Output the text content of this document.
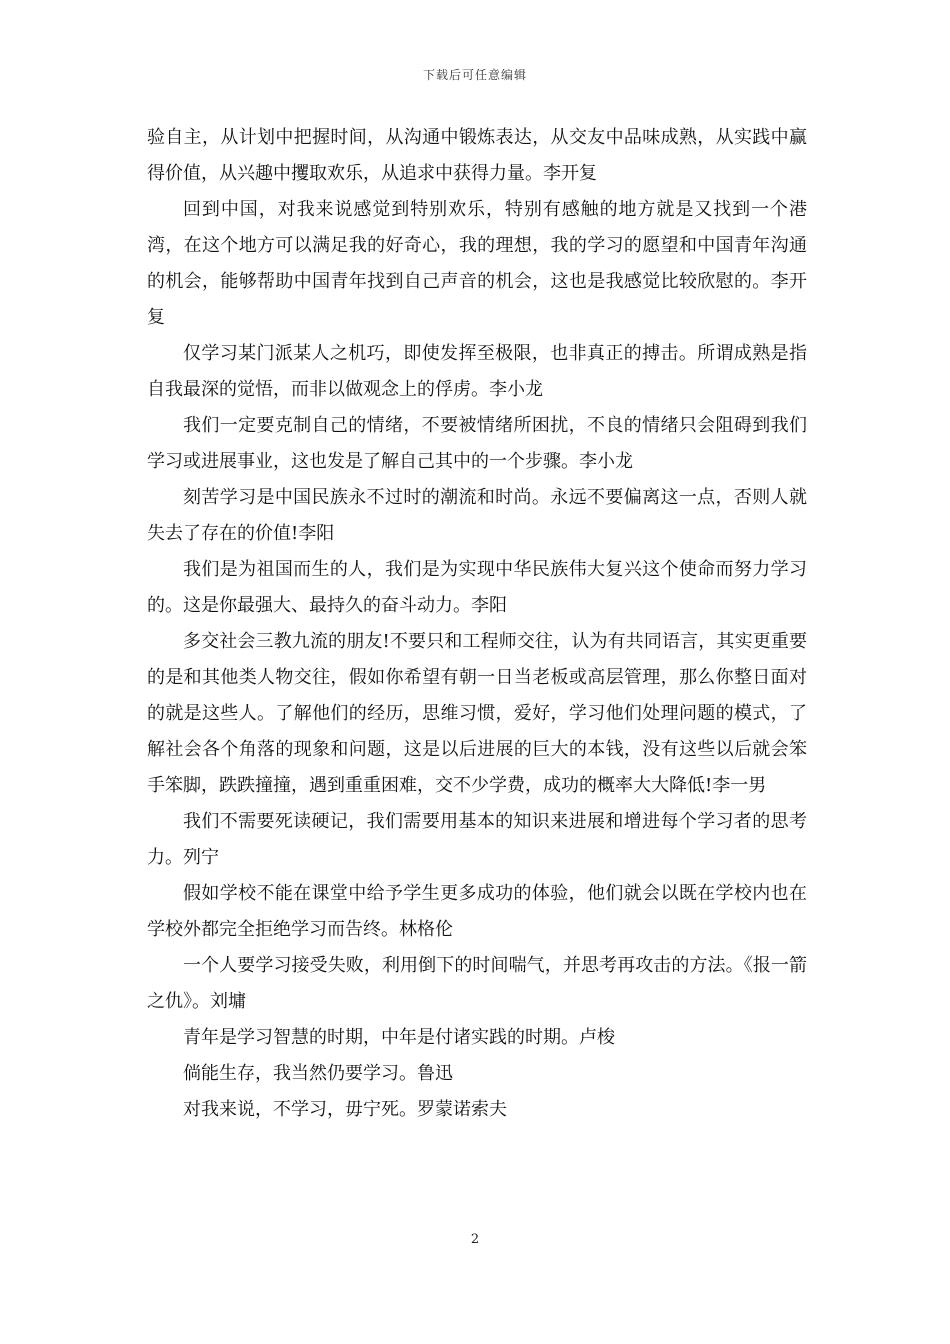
下载后可任意编辑

验自主，从计划中把握时间，从沟通中锻炼表达，从交友中品味成熟，从实践中赢得价值，从兴趣中攫取欢乐，从追求中获得力量。李开复

回到中国，对我来说感觉到特别欢乐，特别有感触的地方就是又找到一个港湾，在这个地方可以满足我的好奇心，我的理想，我的学习的愿望和中国青年沟通的机会，能够帮助中国青年找到自己声音的机会，这也是我感觉比较欣慰的。李开复

仅学习某门派某人之机巧，即使发挥至极限，也非真正的搏击。所谓成熟是指自我最深的觉悟，而非以做观念上的俘虏。李小龙

我们一定要克制自己的情绪，不要被情绪所困扰，不良的情绪只会阻碍到我们学习或进展事业，这也发是了解自己其中的一个步骤。李小龙

刻苦学习是中国民族永不过时的潮流和时尚。永远不要偏离这一点，否则人就失去了存在的价值!李阳

我们是为祖国而生的人，我们是为实现中华民族伟大复兴这个使命而努力学习的。这是你最强大、最持久的奋斗动力。李阳

多交社会三教九流的朋友!不要只和工程师交往，认为有共同语言，其实更重要的是和其他类人物交往，假如你希望有朝一日当老板或高层管理，那么你整日面对的就是这些人。了解他们的经历，思维习惯，爱好，学习他们处理问题的模式，了解社会各个角落的现象和问题，这是以后进展的巨大的本钱，没有这些以后就会笨手笨脚，跌跌撞撞，遇到重重困难，交不少学费，成功的概率大大降低!李一男

我们不需要死读硬记，我们需要用基本的知识来进展和增进每个学习者的思考力。列宁

假如学校不能在课堂中给予学生更多成功的体验，他们就会以既在学校内也在学校外都完全拒绝学习而告终。林格伦

一个人要学习接受失败，利用倒下的时间喘气，并思考再攻击的方法。《报一箭之仇》。刘墉

青年是学习智慧的时期，中年是付诸实践的时期。卢梭

倘能生存，我当然仍要学习。鲁迅

对我来说，不学习，毋宁死。罗蒙诺索夫

2
